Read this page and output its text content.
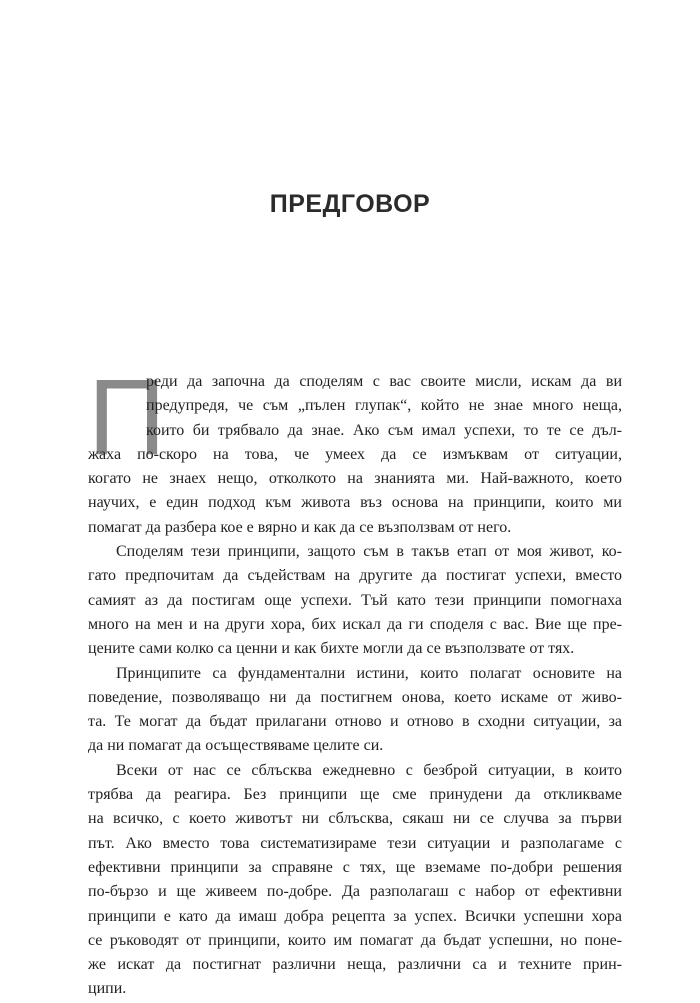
ПРЕДГОВОР
П
реди да започна да споделям с вас своите мисли, искам да ви
предупредя, че съм „пълен глупак“, който не знае много неща,
които би трябвало да знае. Ако съм имал успехи, то те се дъл-
жаха по-скоро на това, че умеех да се измъквам от ситуации,
когато не знаех нещо, отколкото на знанията ми. Най-важното, което
научих, е един подход към живота въз основа на принципи, които ми
помагат да разбера кое е вярно и как да се възползвам от него.
Споделям тези принципи, защото съм в такъв етап от моя живот, ко-
гато предпочитам да съдействам на другите да постигат успехи, вместо
самият аз да постигам още успехи. Тъй като тези принципи помогнаха
много на мен и на други хора, бих искал да ги споделя с вас. Вие ще пре-
цените сами колко са ценни и как бихте могли да се възползвате от тях.
Принципите са фундаментални истини, които полагат основите на
поведение, позволяващо ни да постигнем онова, което искаме от живо-
та. Те могат да бъдат прилагани отново и отново в сходни ситуации, за
да ни помагат да осъществяваме целите си.
Всеки от нас се сблъсква ежедневно с безброй ситуации, в които
трябва да реагира. Без принципи ще сме принудени да откликваме
на всичко, с което животът ни сблъсква, сякаш ни се случва за първи
път. Ако вместо това систематизираме тези ситуации и разполагаме с
ефективни принципи за справяне с тях, ще вземаме по-добри решения
по-бързо и ще живеем по-добре. Да разполагаш с набор от ефективни
принципи е като да имаш добра рецепта за успех. Всички успешни хора
се ръководят от принципи, които им помагат да бъдат успешни, но поне-
же искат да постигнат различни неща, различни са и техните прин-
ципи.
